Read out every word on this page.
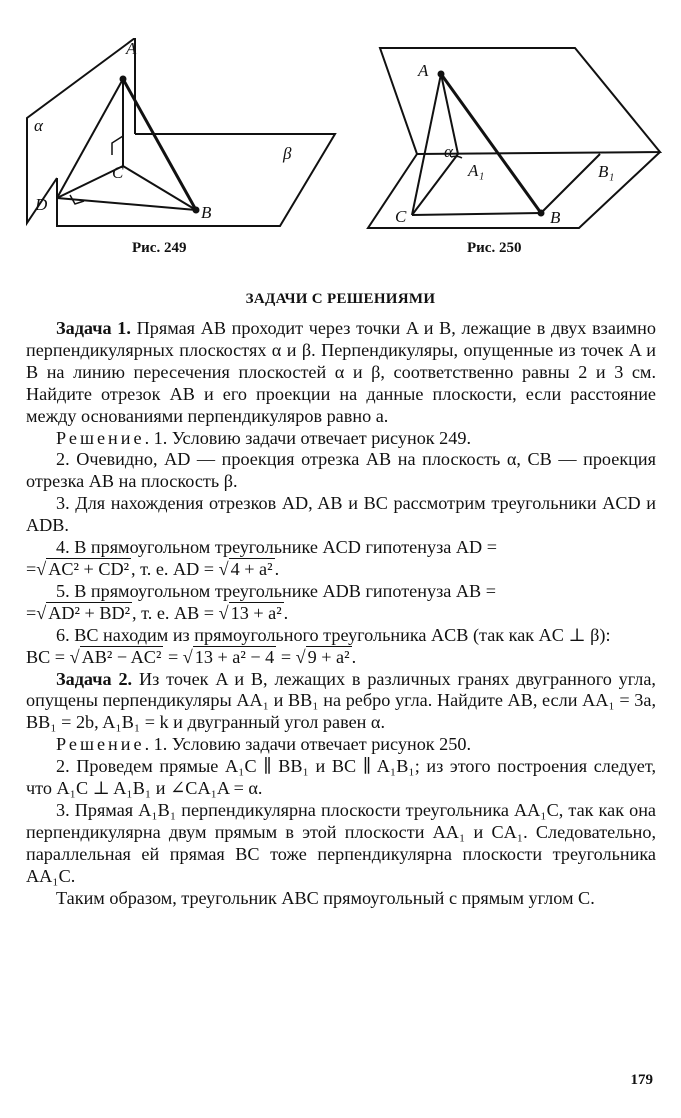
A
B
C
D
α
β
Рис. 249
A
B
C
A₁	B₁
α
Рис. 250
ЗАДАЧИ С РЕШЕНИЯМИ

Задача 1. Прямая AB проходит через точки A и B, лежащие в двух взаимно перпендикулярных плоскостях α и β. Перпендикуляры, опущенные из точек A и B на линию пересечения плоскостей α и β, соответственно равны 2 и 3 см. Найдите отрезок AB и его проекции на данные плоскости, если расстояние между основаниями перпендикуляров равно a.

Решение. 1. Условию задачи отвечает рисунок 249.

2. Очевидно, AD — проекция отрезка AB на плоскость α, CB — проекция отрезка AB на плоскость β.

3. Для нахождения отрезков AD, AB и BC рассмотрим треугольники ACD и ADB.

4. В прямоугольном треугольнике ACD гипотенуза AD =

=√ AC² + CD² , т. е. AD = √ 4 + a² .

5. В прямоугольном треугольнике ADB гипотенуза AB =

=√ AD² + BD² , т. е. AB = √ 13 + a² .

6. BC находим из прямоугольного треугольника ACB (так как AC ⊥ β):

BC = √ AB² − AC² = √ 13 + a² − 4 = √ 9 + a² .

Задача 2. Из точек A и B, лежащих в различных гранях двугранного угла, опущены перпендикуляры AA₁ и BB₁ на ребро угла. Найдите AB, если AA₁ = 3a, BB₁ = 2b, A₁B₁ = k и двугранный угол равен α.

Решение. 1. Условию задачи отвечает рисунок 250.

2. Проведем прямые A₁C ∥ BB₁ и BC ∥ A₁B₁; из этого построения следует, что A₁C ⊥ A₁B₁ и ∠CA₁A = α.

3. Прямая A₁B₁ перпендикулярна плоскости треугольника AA₁C, так как она перпендикулярна двум прямым в этой плоскости AA₁ и CA₁. Следовательно, параллельная ей прямая BC тоже перпендикулярна плоскости треугольника AA₁C.

Таким образом, треугольник ABC прямоугольный с прямым углом C.

179
